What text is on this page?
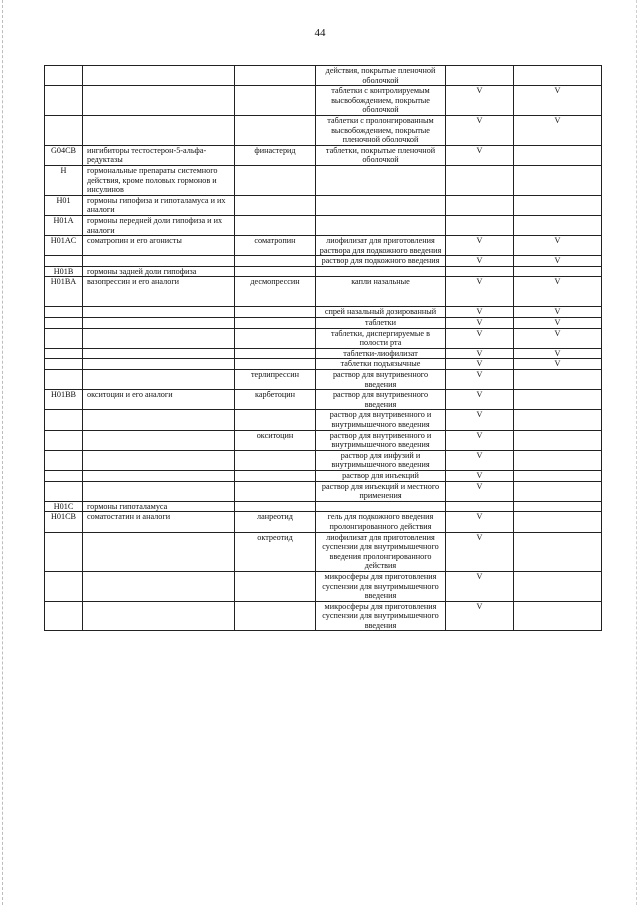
44
			действия, покрытые пленочной оболочкой		
			таблетки с контролируемым высвобождением, покрытые оболочкой	V	V
			таблетки с пролонгированным высвобождением, покрытые пленочной оболочкой	V	V
G04CB	ингибиторы тестостерон-5-альфа-редуктазы	финастерид	таблетки, покрытые пленочной оболочкой	V	
H	гормональные препараты системного действия, кроме половых гормонов и инсулинов				
H01	гормоны гипофиза и гипоталамуса и их аналоги				
H01A	гормоны передней доли гипофиза и их аналоги				
H01AC	соматропин и его агонисты	соматропин	лиофилизат для приготовления раствора для подкожного введения	V	V
			раствор для подкожного введения	V	V
H01B	гормоны задней доли гипофиза				
H01BA	вазопрессин и его аналоги	десмопрессин	капли назальные	V	V
			спрей назальный дозированный	V	V
			таблетки	V	V
			таблетки, диспергируемые в полости рта	V	V
			таблетки-лиофилизат	V	V
			таблетки подъязычные	V	V
		терлипрессин	раствор для внутривенного введения	V	
H01BB	окситоцин и его аналоги	карбетоцин	раствор для внутривенного введения	V	
			раствор для внутривенного и внутримышечного введения	V	
		окситоцин	раствор для внутривенного и внутримышечного введения	V	
			раствор для инфузий и внутримышечного введения	V	
			раствор для инъекций	V	
			раствор для инъекций и местного применения	V	
H01C	гормоны гипоталамуса				
H01CB	соматостатин и аналоги	ланреотид	гель для подкожного введения пролонгированного действия	V	
		октреотид	лиофилизат для приготовления суспензии для внутримышечного введения пролонгированного действия	V	
			микросферы для приготовления суспензии для внутримышечного введения	V	
			микросферы для приготовления суспензии для внутримышечного введения	V	
